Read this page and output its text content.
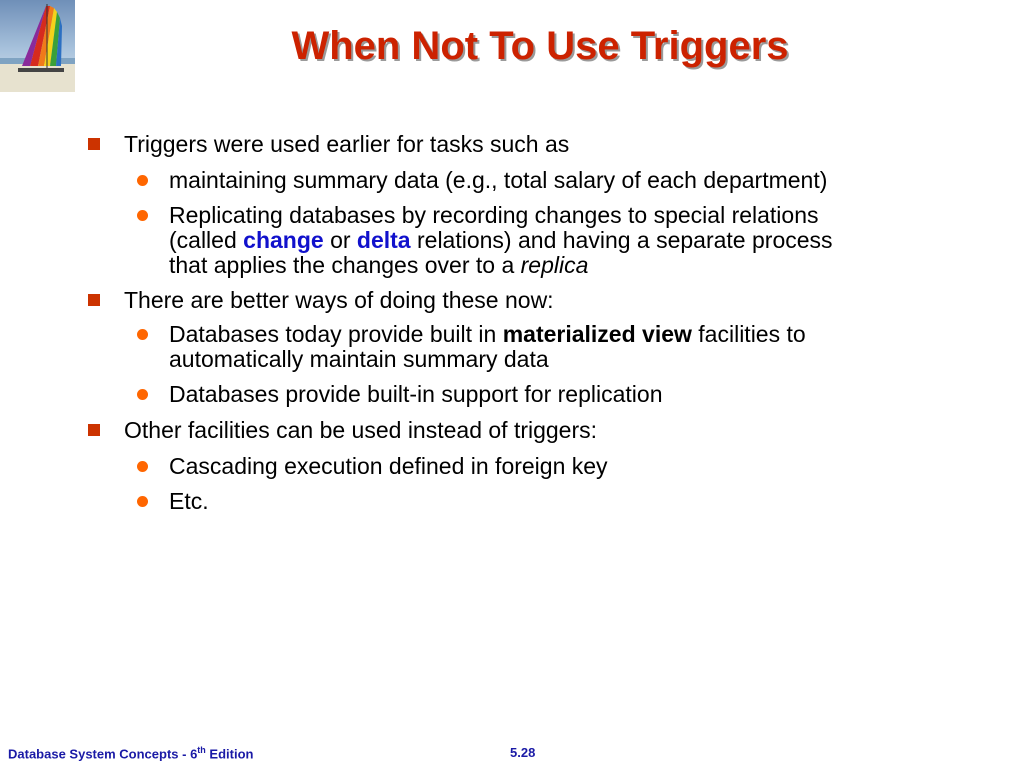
When Not To Use Triggers
Triggers were used earlier for tasks such as
maintaining summary data (e.g., total salary of each department)
Replicating databases by recording changes to special relations
(called change or delta relations) and having a separate process
that applies the changes over to a replica
There are better ways of doing these now:
Databases today provide built in materialized view facilities to
automatically maintain summary data
Databases provide built-in support for replication
Other facilities can be used instead of triggers:
Cascading execution defined in foreign key
Etc.
Database System Concepts - 6th Edition	5.28
